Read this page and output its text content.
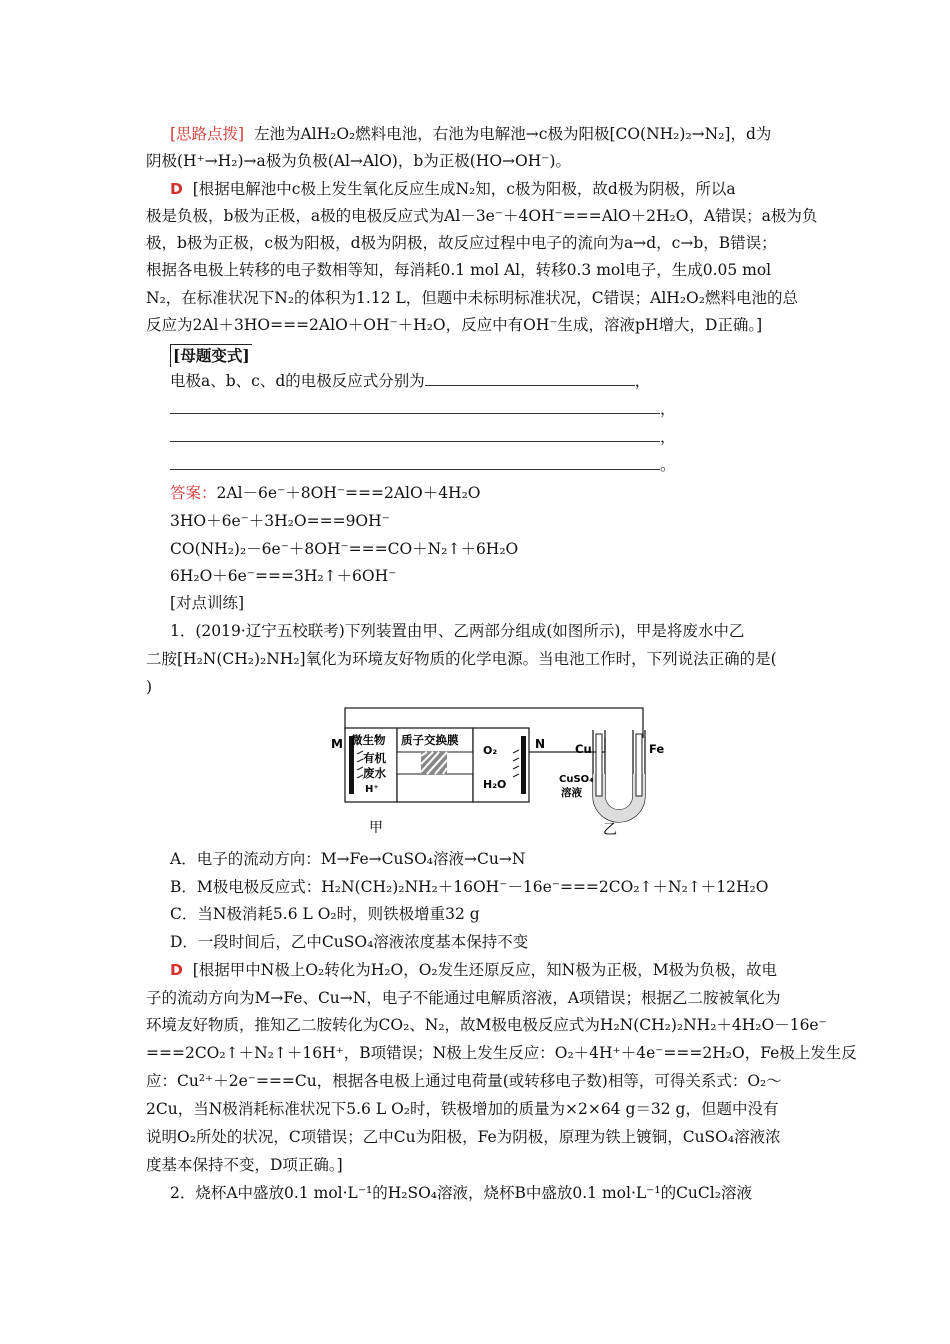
[思路点拨] 左池为AlH₂O₂燃料电池，右池为电解池→c极为阳极[CO(NH₂)₂→N₂]，d为

阴极(H⁺→H₂)→a极为负极(Al→AlO)，b为正极(HO→OH⁻)。

D [根据电解池中c极上发生氧化反应生成N₂知，c极为阳极，故d极为阴极，所以a

极是负极，b极为正极，a极的电极反应式为Al－3e⁻＋4OH⁻===AlO＋2H₂O，A错误；a极为负

极，b极为正极，c极为阳极，d极为阴极，故反应过程中电子的流向为a→d，c→b，B错误；

根据各电极上转移的电子数相等知，每消耗0.1 mol Al，转移0.3 mol电子，生成0.05 mol

N₂，在标准状况下N₂的体积为1.12 L，但题中未标明标准状况，C错误；AlH₂O₂燃料电池的总

反应为2Al＋3HO===2AlO＋OH⁻＋H₂O，反应中有OH⁻生成，溶液pH增大，D正确。]

[母题变式]

电极a、b、c、d的电极反应式分别为	，

，

，

。

答案：2Al－6e⁻＋8OH⁻===2AlO＋4H₂O

3HO＋6e⁻＋3H₂O===9OH⁻

CO(NH₂)₂－6e⁻＋8OH⁻===CO＋N₂↑＋6H₂O

6H₂O＋6e⁻===3H₂↑＋6OH⁻

[对点训练]

1．(2019·辽宁五校联考)下列装置由甲、乙两部分组成(如图所示)，甲是将废水中乙

二胺[H₂N(CH₂)₂NH₂]氧化为环境友好物质的化学电源。当电池工作时，下列说法正确的是(

)

M 微生物
有机
废水
H⁺
质子交换膜	N
O₂
H₂O
Cu	Fe
CuSO₄
溶液
甲	乙

A．电子的流动方向：M→Fe→CuSO₄溶液→Cu→N

B．M极电极反应式：H₂N(CH₂)₂NH₂＋16OH⁻－16e⁻===2CO₂↑＋N₂↑＋12H₂O

C．当N极消耗5.6 L O₂时，则铁极增重32 g

D．一段时间后，乙中CuSO₄溶液浓度基本保持不变

D [根据甲中N极上O₂转化为H₂O，O₂发生还原反应，知N极为正极，M极为负极，故电

子的流动方向为M→Fe、Cu→N，电子不能通过电解质溶液，A项错误；根据乙二胺被氧化为

环境友好物质，推知乙二胺转化为CO₂、N₂，故M极电极反应式为H₂N(CH₂)₂NH₂＋4H₂O－16e⁻

===2CO₂↑＋N₂↑＋16H⁺，B项错误；N极上发生反应：O₂＋4H⁺＋4e⁻===2H₂O，Fe极上发生反

应：Cu²⁺＋2e⁻===Cu，根据各电极上通过电荷量(或转移电子数)相等，可得关系式：O₂～

2Cu，当N极消耗标准状况下5.6 L O₂时，铁极增加的质量为×2×64 g＝32 g，但题中没有

说明O₂所处的状况，C项错误；乙中Cu为阳极，Fe为阴极，原理为铁上镀铜，CuSO₄溶液浓

度基本保持不变，D项正确。]

2．烧杯A中盛放0.1 mol·L⁻¹的H₂SO₄溶液，烧杯B中盛放0.1 mol·L⁻¹的CuCl₂溶液
